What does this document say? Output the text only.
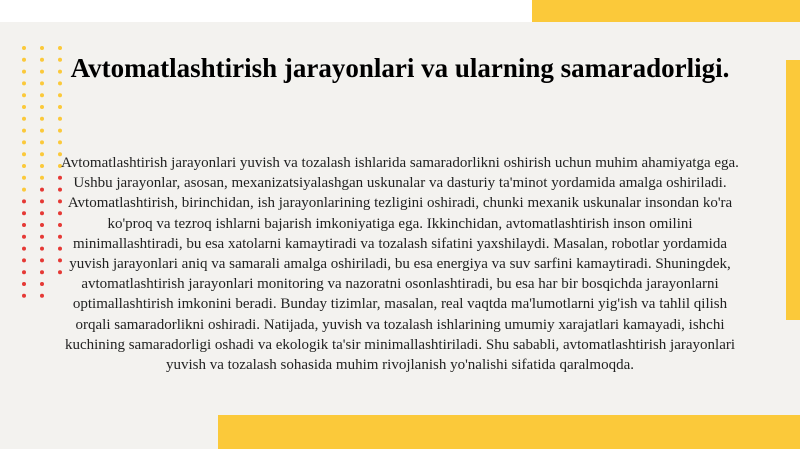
Avtomatlashtirish jarayonlari va ularning samaradorligi.

Avtomatlashtirish jarayonlari yuvish va tozalash ishlarida samaradorlikni oshirish uchun muhim ahamiyatga ega. Ushbu jarayonlar, asosan, mexanizatsiyalashgan uskunalar va dasturiy ta'minot yordamida amalga oshiriladi. Avtomatlashtirish, birinchidan, ish jarayonlarining tezligini oshiradi, chunki mexanik uskunalar insondan ko'ra ko'proq va tezroq ishlarni bajarish imkoniyatiga ega. Ikkinchidan, avtomatlashtirish inson omilini minimallashtiradi, bu esa xatolarni kamaytiradi va tozalash sifatini yaxshilaydi. Masalan, robotlar yordamida yuvish jarayonlari aniq va samarali amalga oshiriladi, bu esa energiya va suv sarfini kamaytiradi. Shuningdek, avtomatlashtirish jarayonlari monitoring va nazoratni osonlashtiradi, bu esa har bir bosqichda jarayonlarni optimallashtirish imkonini beradi. Bunday tizimlar, masalan, real vaqtda ma'lumotlarni yig'ish va tahlil qilish orqali samaradorlikni oshiradi. Natijada, yuvish va tozalash ishlarining umumiy xarajatlari kamayadi, ishchi kuchining samaradorligi oshadi va ekologik ta'sir minimallashtiriladi. Shu sababli, avtomatlashtirish jarayonlari yuvish va tozalash sohasida muhim rivojlanish yo'nalishi sifatida qaralmoqda.
